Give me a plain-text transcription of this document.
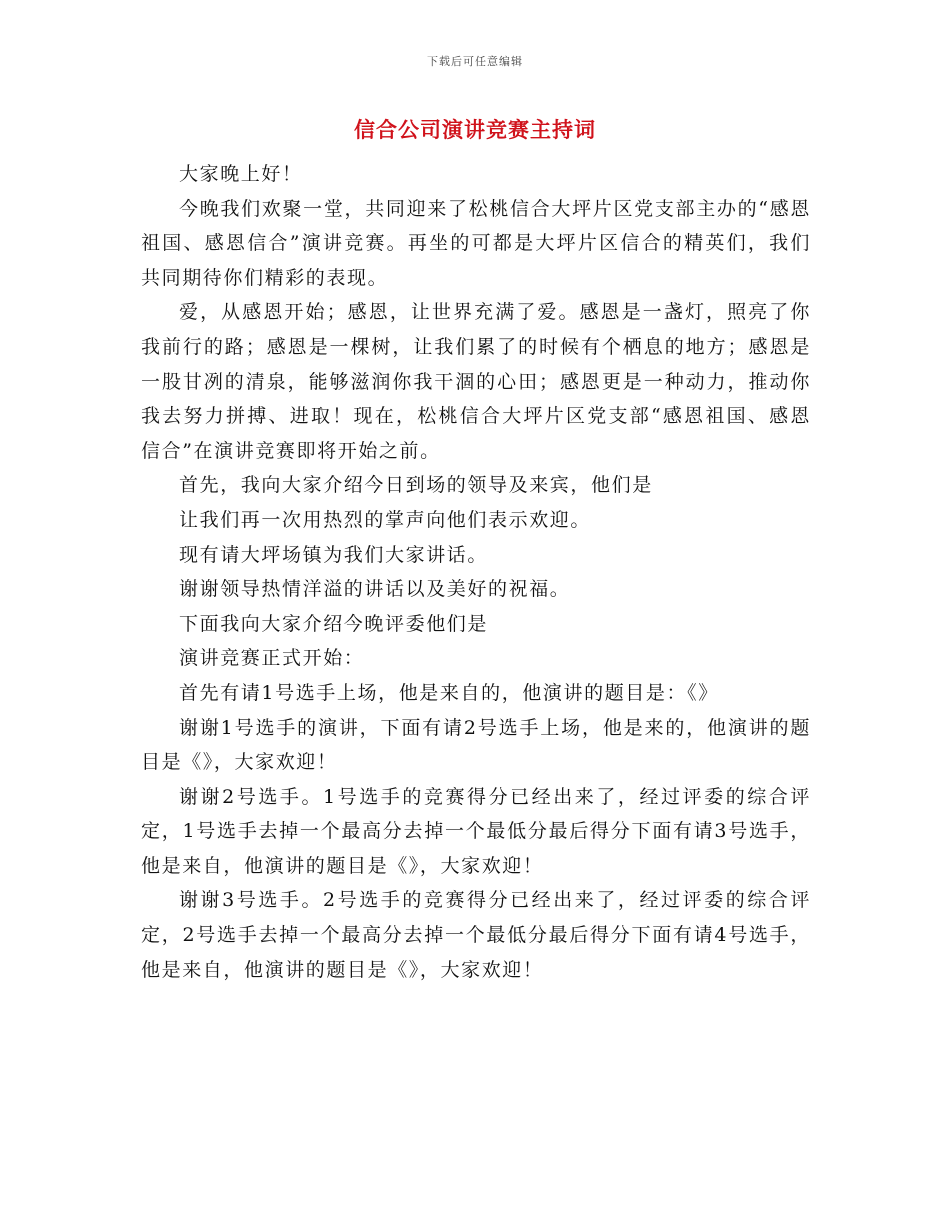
下载后可任意编辑
信合公司演讲竞赛主持词

大家晚上好！

今晚我们欢聚一堂，共同迎来了松桃信合大坪片区党支部主办的“感恩祖国、感恩信合”演讲竞赛。再坐的可都是大坪片区信合的精英们，我们共同期待你们精彩的表现。

爱，从感恩开始；感恩，让世界充满了爱。感恩是一盏灯，照亮了你我前行的路；感恩是一棵树，让我们累了的时候有个栖息的地方；感恩是一股甘冽的清泉，能够滋润你我干涸的心田；感恩更是一种动力，推动你我去努力拼搏、进取！现在，松桃信合大坪片区党支部“感恩祖国、感恩信合”在演讲竞赛即将开始之前。

首先，我向大家介绍今日到场的领导及来宾，他们是

让我们再一次用热烈的掌声向他们表示欢迎。

现有请大坪场镇为我们大家讲话。

谢谢领导热情洋溢的讲话以及美好的祝福。

下面我向大家介绍今晚评委他们是

演讲竞赛正式开始：

首先有请1号选手上场，他是来自的，他演讲的题目是：《》

谢谢1号选手的演讲，下面有请2号选手上场，他是来的，他演讲的题目是《》，大家欢迎！

谢谢2号选手。1号选手的竞赛得分已经出来了，经过评委的综合评定，1号选手去掉一个最高分去掉一个最低分最后得分下面有请3号选手，他是来自，他演讲的题目是《》，大家欢迎！

谢谢3号选手。2号选手的竞赛得分已经出来了，经过评委的综合评定，2号选手去掉一个最高分去掉一个最低分最后得分下面有请4号选手，他是来自，他演讲的题目是《》，大家欢迎！
